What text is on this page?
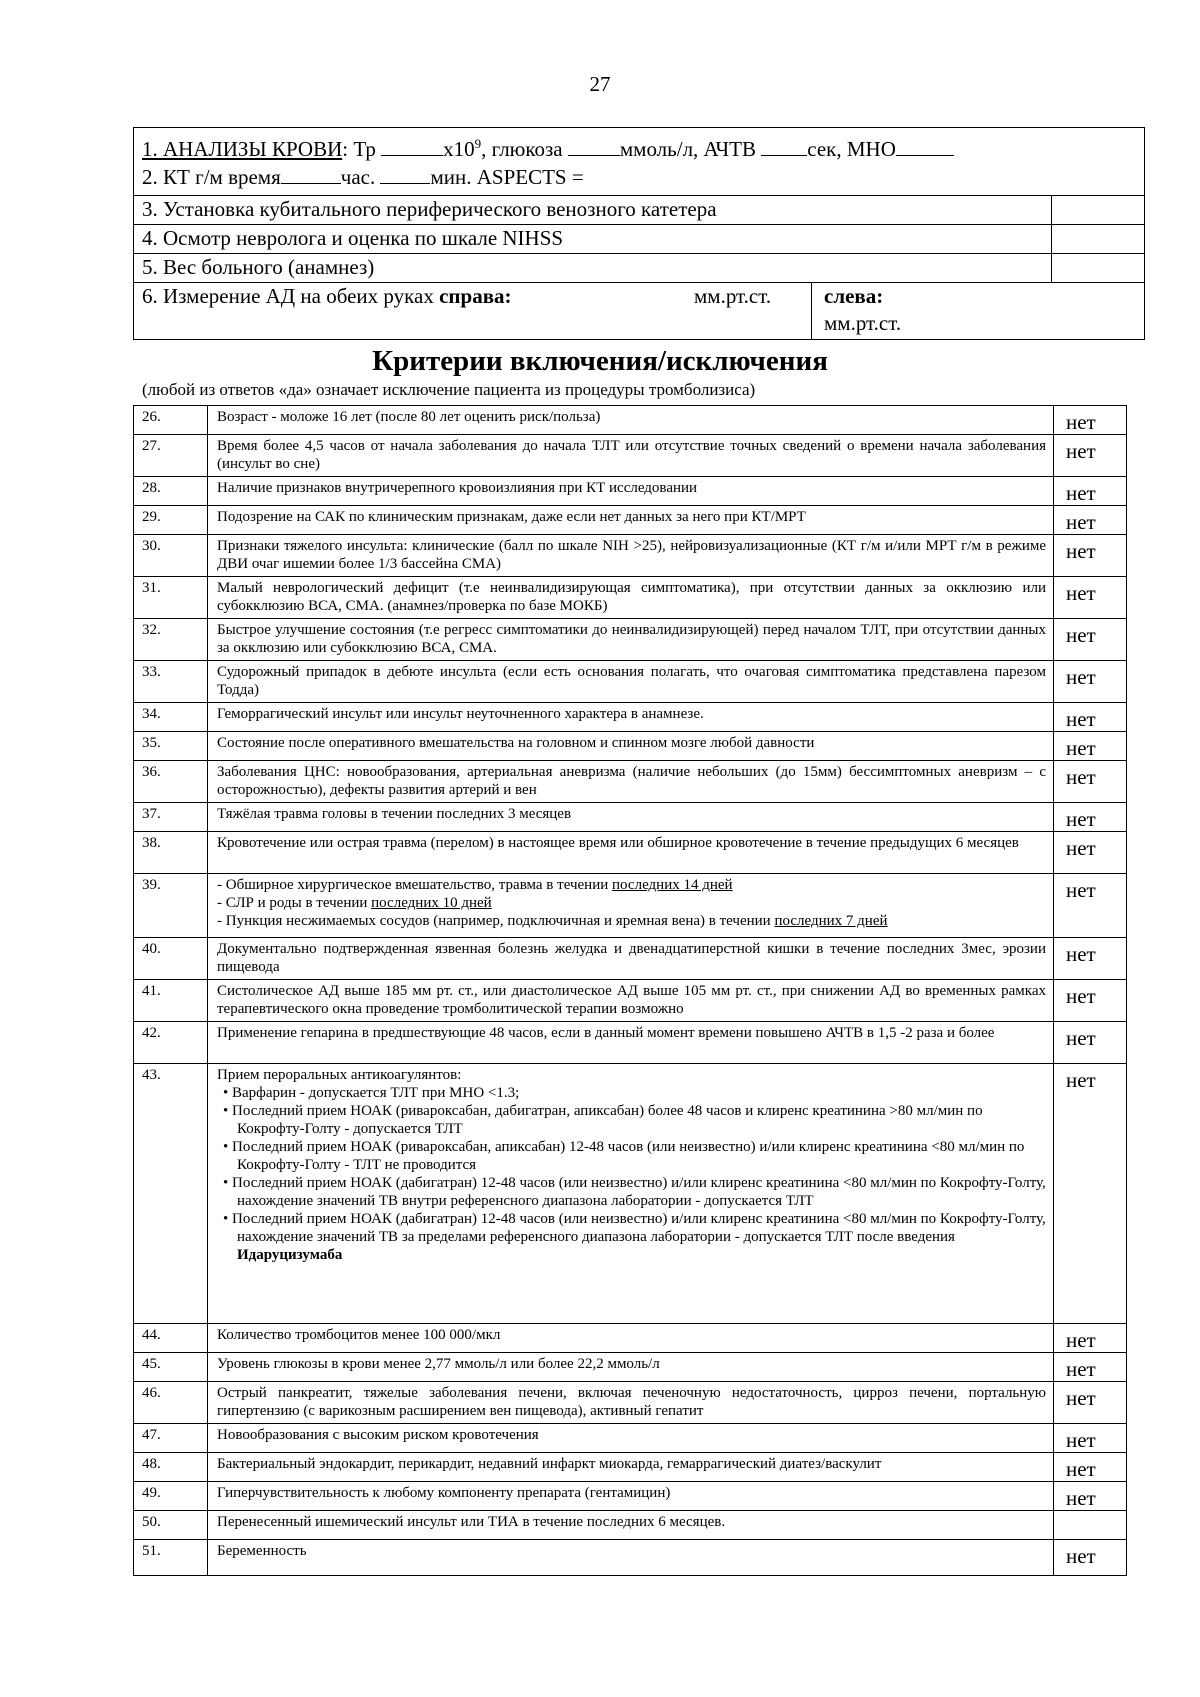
27
1. АНАЛИЗЫ КРОВИ: Тр	$х10^9$, глюкоза ммоль/л, АЧТВ сек, МНО
2. КТ г/м время	час. мин. ASPECTS =
3. Установка кубитального периферического венозного катетера
4. Осмотр невролога и оценка по шкале NIHSS
5. Вес больного (анамнез)
6. Измерение АД на обеих руках справа:	мм.рт.ст.	слева:
мм.рт.ст.
Критерии включения/исключения
(любой из ответов «да» означает исключение пациента из процедуры тромболизиса)
26.	Возраст - моложе 16 лет (после 80 лет оценить риск/польза)	нет
27.	Время более 4,5 часов от начала заболевания до начала ТЛТ или отсутствие точных сведений о времени начала заболевания (инсульт во сне)
нет
28.	Наличие признаков внутричерепного кровоизлияния при КТ исследовании	нет
29.	Подозрение на САК по клиническим признакам, даже если нет данных за него при КТ/МРТ	нет
30.	Признаки тяжелого инсульта: клинические (балл по шкале NIH >25), нейровизуализационные (КТ г/м и/или МРТ г/м в режиме ДВИ очаг ишемии более 1/3 бассейна СМА)
нет
31.	Малый неврологический дефицит (т.е неинвалидизирующая симптоматика), при отсутствии данных за окклюзию или субокклюзию ВСА, СМА. (анамнез/проверка по базе МОКБ)
нет
32.	Быстрое улучшение состояния (т.е регресс симптоматики до неинвалидизирующей) перед началом ТЛТ, при отсутствии данных за окклюзию или субокклюзию ВСА, СМА.
нет
33.	Судорожный припадок в дебюте инсульта (если есть основания полагать, что очаговая симптоматика представлена парезом Тодда)
нет
34.	Геморрагический инсульт или инсульт неуточненного характера в анамнезе.	нет
35.	Состояние после оперативного вмешательства на головном и спинном мозге любой давности	нет
36.	Заболевания ЦНС: новообразования, артериальная аневризма (наличие небольших (до 15мм) бессимптомных аневризм – с осторожностью), дефекты развития артерий и вен
нет
37.	Тяжёлая травма головы в течении последних 3 месяцев	нет
38.	Кровотечение или острая травма (перелом) в настоящее время или обширное кровотечение в течение предыдущих 6 месяцев	нет
39.	- Обширное хирургическое вмешательство, травма в течении последних 14 дней
- СЛР и роды в течении последних 10 дней
- Пункция несжимаемых сосудов (например, подключичная и яремная вена) в течении последних 7 дней
нет
40.	Документально подтвержденная язвенная болезнь желудка и двенадцатиперстной кишки в течение последних 3мес, эрозии пищевода
нет
41.	Систолическое АД выше 185 мм рт. ст., или диастолическое АД выше 105 мм рт. ст., при снижении АД во временных рамках терапевтического окна проведение тромболитической терапии возможно
нет
42.	Применение гепарина в предшествующие 48 часов, если в данный момент времени повышено АЧТВ в 1,5 -2 раза и более	нет
43.	Прием пероральных антикоагулянтов:
• Варфарин - допускается ТЛТ при МНО <1.3;
• Последний прием НОАК (ривароксабан, дабигатран, апиксабан) более 48 часов и клиренс креатинина >80 мл/мин по Кокрофту-Голту - допускается ТЛТ
• Последний прием НОАК (ривароксабан, апиксабан) 12-48 часов (или неизвестно) и/или клиренс креатинина <80 мл/мин по Кокрофту-Голту - ТЛТ не проводится
• Последний прием НОАК (дабигатран) 12-48 часов (или неизвестно) и/или клиренс креатинина <80 мл/мин по Кокрофту-Голту, нахождение значений ТВ внутри референсного диапазона лаборатории - допускается ТЛТ
• Последний прием НОАК (дабигатран) 12-48 часов (или неизвестно) и/или клиренс креатинина <80 мл/мин по Кокрофту-Голту, нахождение значений ТВ за пределами референсного диапазона лаборатории - допускается ТЛТ после введения Идаруцизумаба
нет
44.	Количество тромбоцитов менее 100 000/мкл	нет
45.	Уровень глюкозы в крови менее 2,77 ммоль/л или более 22,2 ммоль/л	нет
46.	Острый панкреатит, тяжелые заболевания печени, включая печеночную недостаточность, цирроз печени, портальную гипертензию (с варикозным расширением вен пищевода), активный гепатит
нет
47.	Новообразования с высоким риском кровотечения	нет
48.	Бактериальный эндокардит, перикардит, недавний инфаркт миокарда, гемаррагический диатез/васкулит	нет
49.	Гиперчувствительность к любому компоненту препарата (гентамицин)	нет
50.	Перенесенный ишемический инсульт или ТИА в течение последних 6 месяцев.
51.	Беременность	нет
